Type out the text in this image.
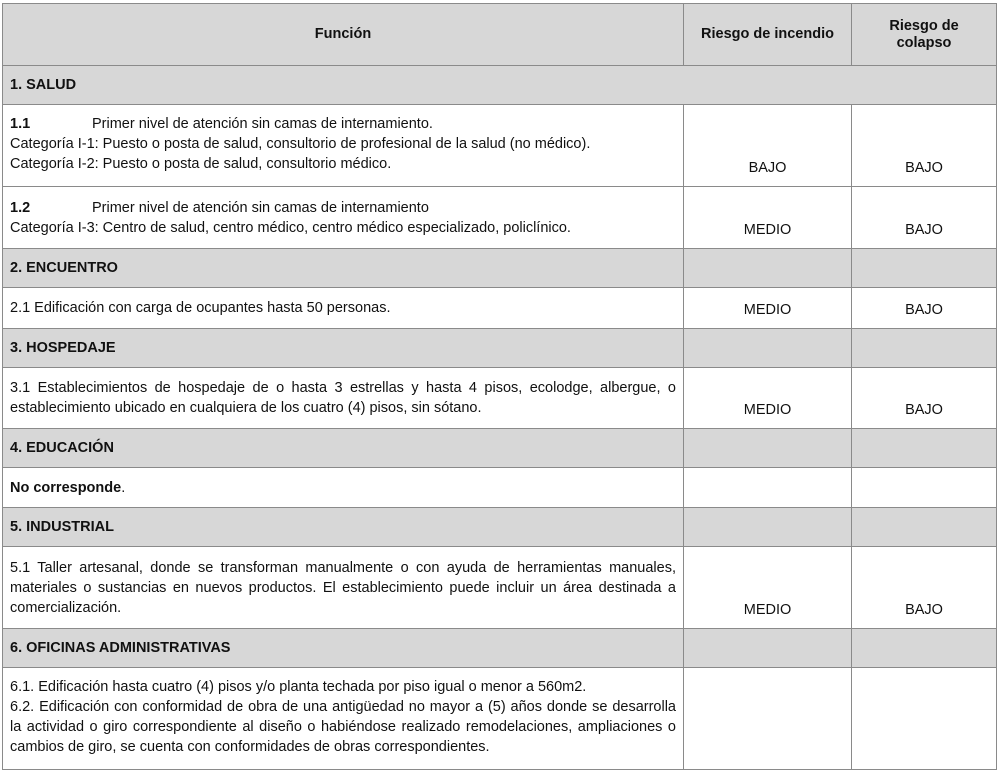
Función	Riesgo de incendio	Riesgo de colapso
1. SALUD		

1.1 Primer nivel de atención sin camas de internamiento.
Categoría I-1: Puesto o posta de salud, consultorio de profesional de la salud (no médico).
Categoría I-2: Puesto o posta de salud, consultorio médico.	BAJO	BAJO

1.2 Primer nivel de atención sin camas de internamiento
Categoría I-3: Centro de salud, centro médico, centro médico especializado, policlínico.	MEDIO	BAJO
2. ENCUENTRO		
2.1 Edificación con carga de ocupantes hasta 50 personas.	MEDIO	BAJO
3. HOSPEDAJE		
3.1 Establecimientos de hospedaje de o hasta 3 estrellas y hasta 4 pisos, ecolodge, albergue, o establecimiento ubicado en cualquiera de los cuatro (4) pisos, sin sótano.	MEDIO	BAJO
4. EDUCACIÓN		
No corresponde.		
5. INDUSTRIAL		
5.1 Taller artesanal, donde se transforman manualmente o con ayuda de herramientas manuales, materiales o sustancias en nuevos productos. El establecimiento puede incluir un área destinada a comercialización.	MEDIO	BAJO
6. OFICINAS ADMINISTRATIVAS		

6.1. Edificación hasta cuatro (4) pisos y/o planta techada por piso igual o menor a 560m2.
6.2. Edificación con conformidad de obra de una antigüedad no mayor a (5) años donde se desarrolla la actividad o giro correspondiente al diseño o habiéndose realizado remodelaciones, ampliaciones o cambios de giro, se cuenta con conformidades de obras correspondientes.		
